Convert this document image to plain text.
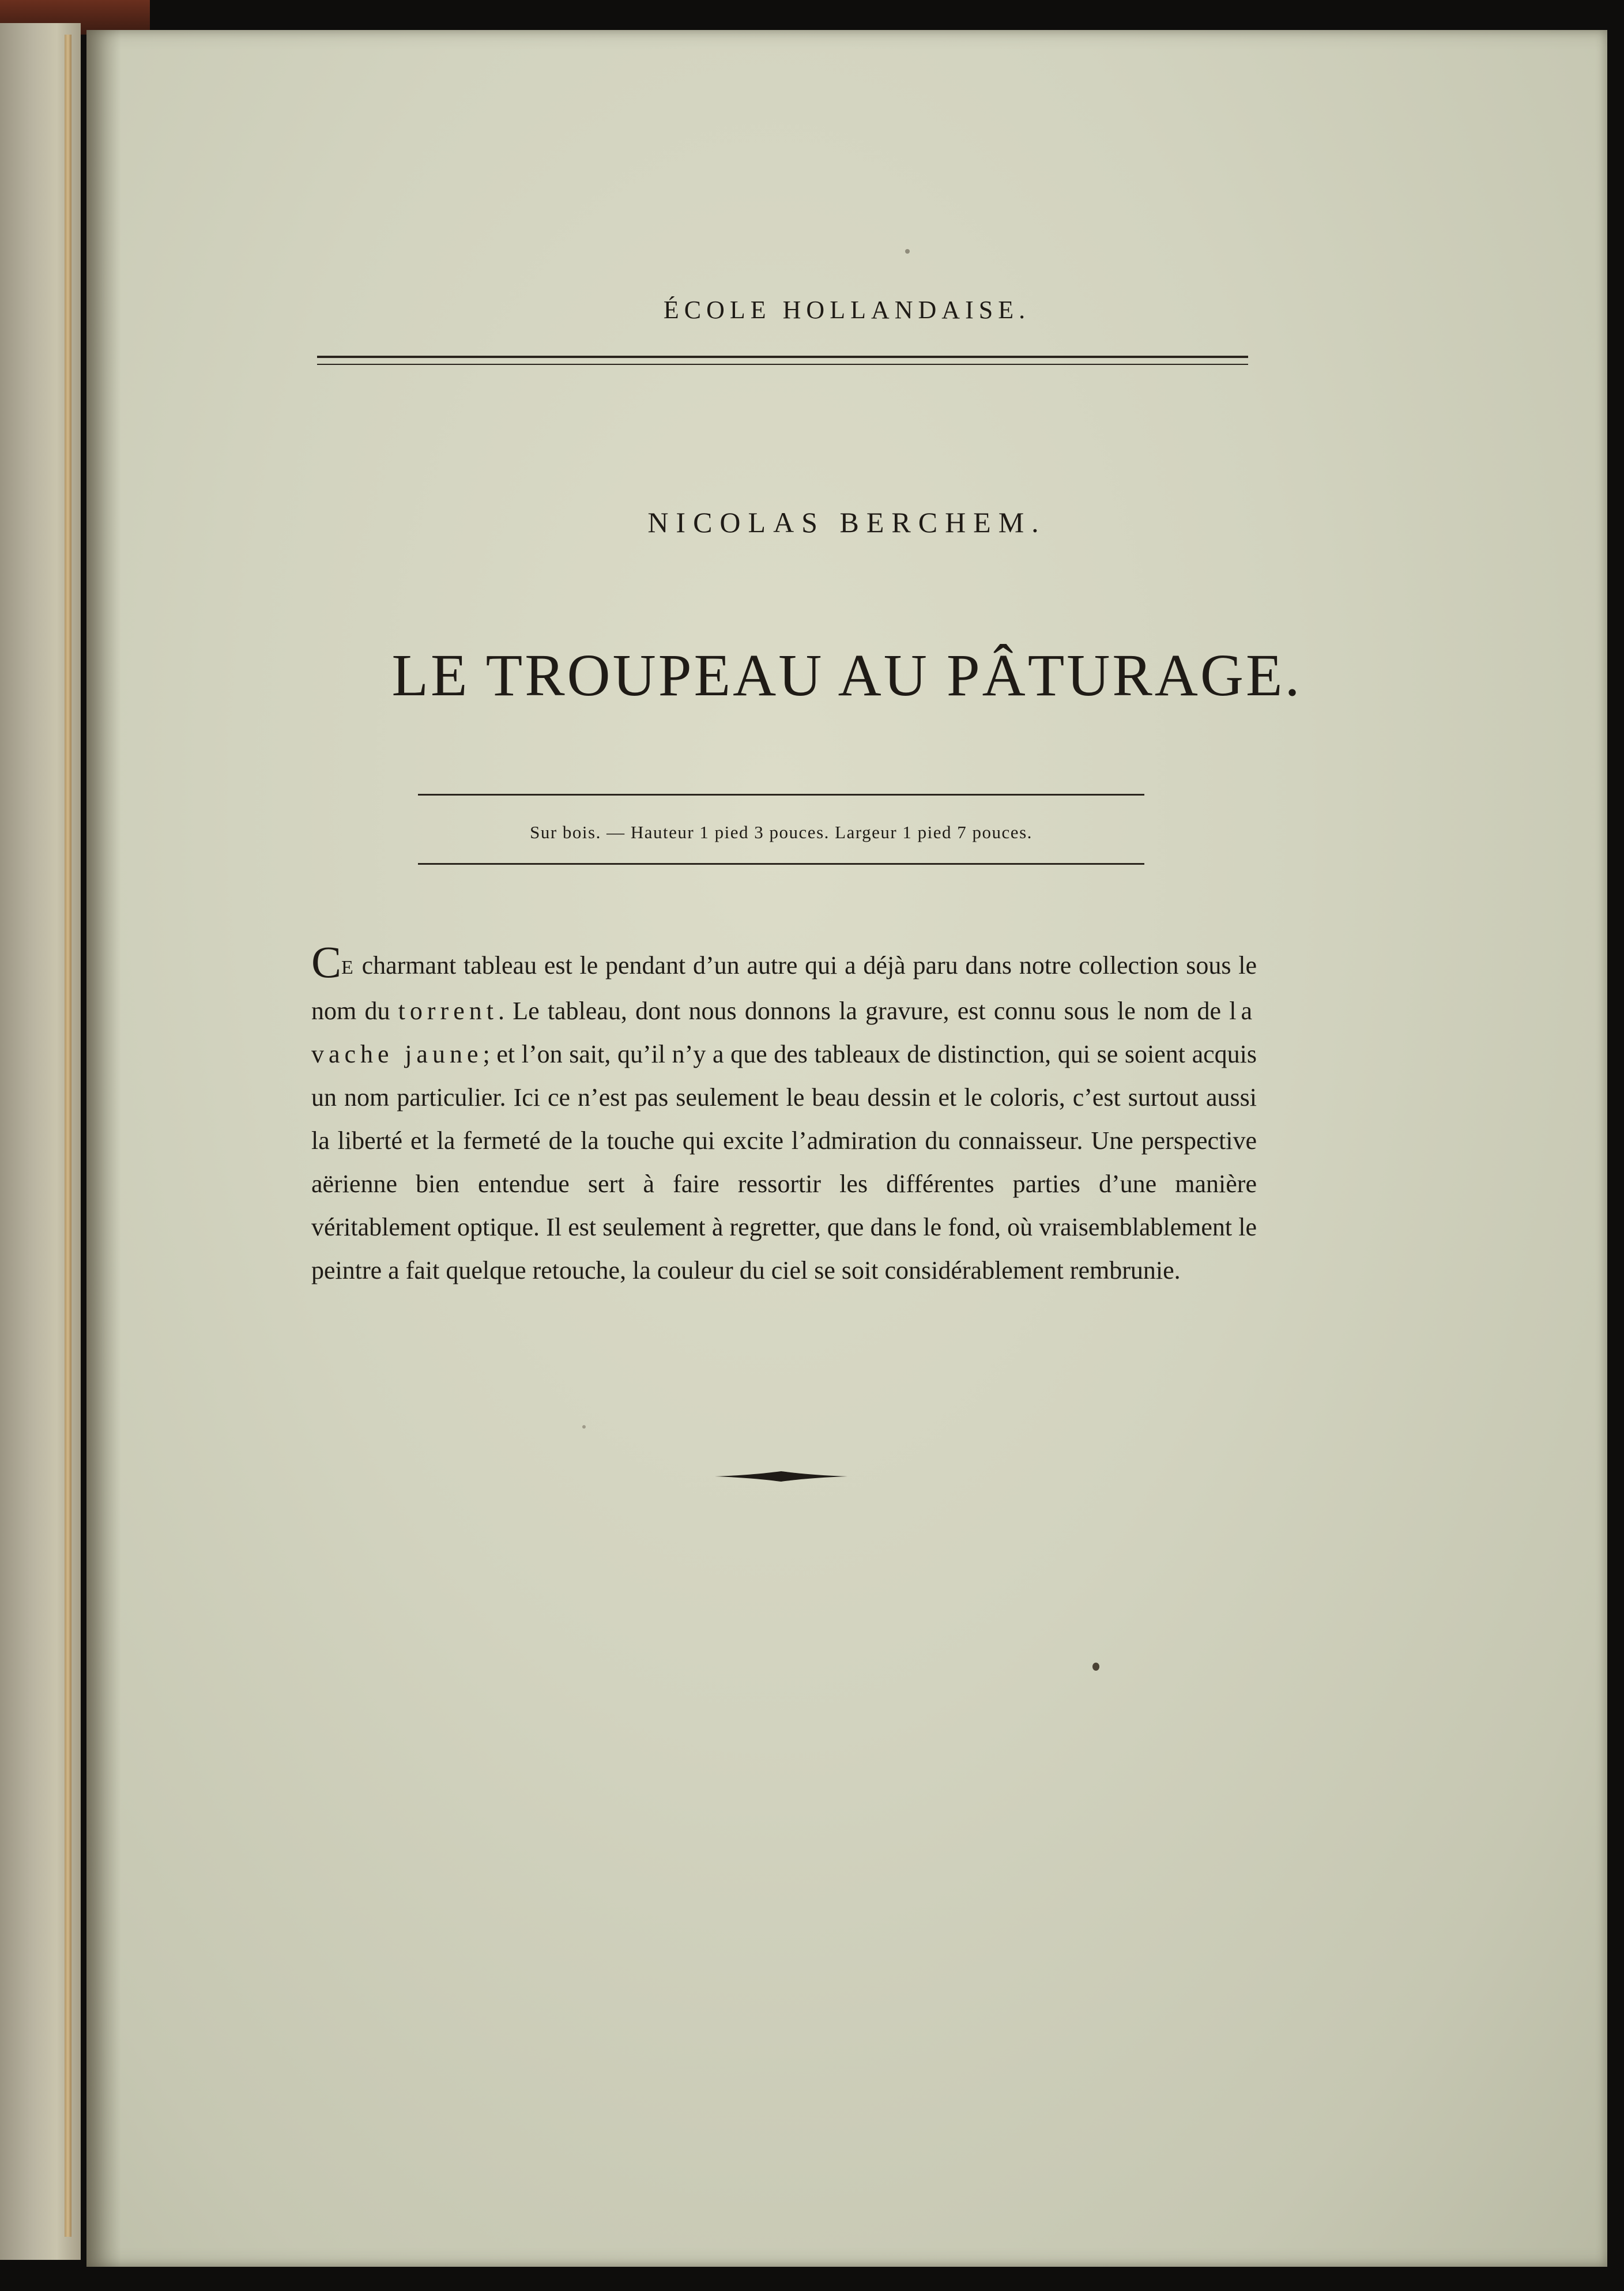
ÉCOLE HOLLANDAISE.
NICOLAS BERCHEM.
LE TROUPEAU AU PÂTURAGE.
Sur bois. — Hauteur 1 pied 3 pouces. Largeur 1 pied 7 pouces.

CE charmant tableau est le pendant d’un autre qui a déjà paru dans notre collection sous le nom du torrent. Le tableau, dont nous donnons la gravure, est connu sous le nom de la vache jaune; et l’on sait, qu’il n’y a que des tableaux de distinction, qui se soient acquis un nom particulier. Ici ce n’est pas seulement le beau dessin et le coloris, c’est surtout aussi la liberté et la fermeté de la touche qui excite l’admiration du connaisseur. Une perspective aërienne bien entendue sert à faire ressortir les différentes parties d’une manière véritablement optique. Il est seulement à regretter, que dans le fond, où vraisemblablement le peintre a fait quelque retouche, la couleur du ciel se soit considérablement rembrunie.
